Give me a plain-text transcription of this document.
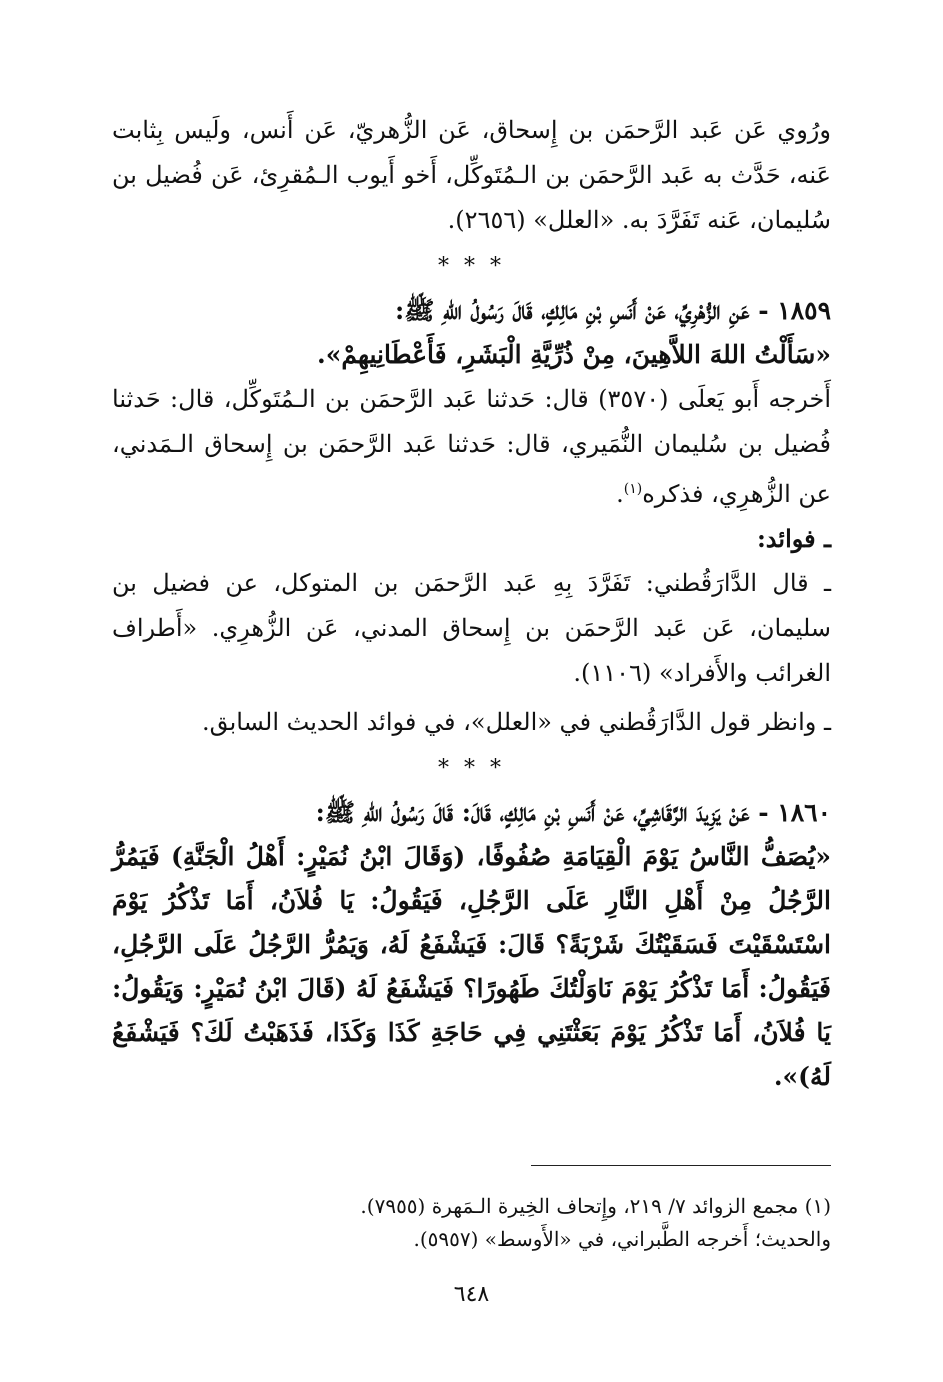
ورُوي عَن عَبد الرَّحمَن بن إِسحاق، عَن الزُّهريّ، عَن أَنس، ولَيس بِثابت عَنه، حَدَّث به عَبد الرَّحمَن بن الـمُتَوكِّل، أَخو أَيوب الـمُقرِئ، عَن فُضيل بن سُليمان، عَنه تَفَرَّدَ به. «العلل» (٢٦٥٦).

* * *

١٨٥٩ - عَنِ الزُّهْرِيِّ، عَنْ أَنَسِ بْنِ مَالِكٍ، قَالَ رَسُولُ اللهِ ﷺ:

«سَأَلْتُ اللهَ اللاَّهِينَ، مِنْ ذُرِّيَّةِ الْبَشَرِ، فَأَعْطَانِيهِمْ».

أَخرجه أَبو يَعلَى (٣٥٧٠) قال: حَدثنا عَبد الرَّحمَن بن الـمُتَوكِّل، قال: حَدثنا فُضيل بن سُليمان النُّمَيري، قال: حَدثنا عَبد الرَّحمَن بن إِسحاق الـمَدني، عن الزُّهرِي، فذكره$^{(١)}$.

ـ فوائد:

ـ قال الدَّارَقُطني: تَفَرَّدَ بِهِ عَبد الرَّحمَن بن المتوكل، عن فضيل بن سليمان، عَن عَبد الرَّحمَن بن إِسحاق المدني، عَن الزُّهرِي. «أَطراف الغرائب والأَفراد» (١١٠٦).

ـ وانظر قول الدَّارَقُطني في «العلل»، في فوائد الحديث السابق.

* * *

١٨٦٠ - عَنْ يَزِيدَ الرَّقَاشِيِّ، عَنْ أَنَسِ بْنِ مَالِكٍ، قَالَ: قَالَ رَسُولُ اللهِ ﷺ:

«يُصَفُّ النَّاسُ يَوْمَ الْقِيَامَةِ صُفُوفًا، (وَقَالَ ابْنُ نُمَيْرٍ: أَهْلُ الْجَنَّةِ) فَيَمُرُّ الرَّجُلُ مِنْ أَهْلِ النَّارِ عَلَى الرَّجُلِ، فَيَقُولُ: يَا فُلاَنُ، أَمَا تَذْكُرُ يَوْمَ اسْتَسْقَيْتَ فَسَقَيْتُكَ شَرْبَةً؟ قَالَ: فَيَشْفَعُ لَهُ، وَيَمُرُّ الرَّجُلُ عَلَى الرَّجُلِ، فَيَقُولُ: أَمَا تَذْكُرُ يَوْمَ نَاوَلْتُكَ طَهُورًا؟ فَيَشْفَعُ لَهُ (قَالَ ابْنُ نُمَيْرٍ: وَيَقُولُ: يَا فُلاَنُ، أَمَا تَذْكُرُ يَوْمَ بَعَثْتَنِي فِي حَاجَةِ كَذَا وَكَذَا، فَذَهَبْتُ لَكَ؟ فَيَشْفَعُ لَهُ)».

(١) مجمع الزوائد ٧/ ٢١٩، وإِتحاف الخِيرة الـمَهرة (٧٩٥٥).

والحديث؛ أَخرجه الطَّبراني، في «الأَوسط» (٥٩٥٧).

٦٤٨
